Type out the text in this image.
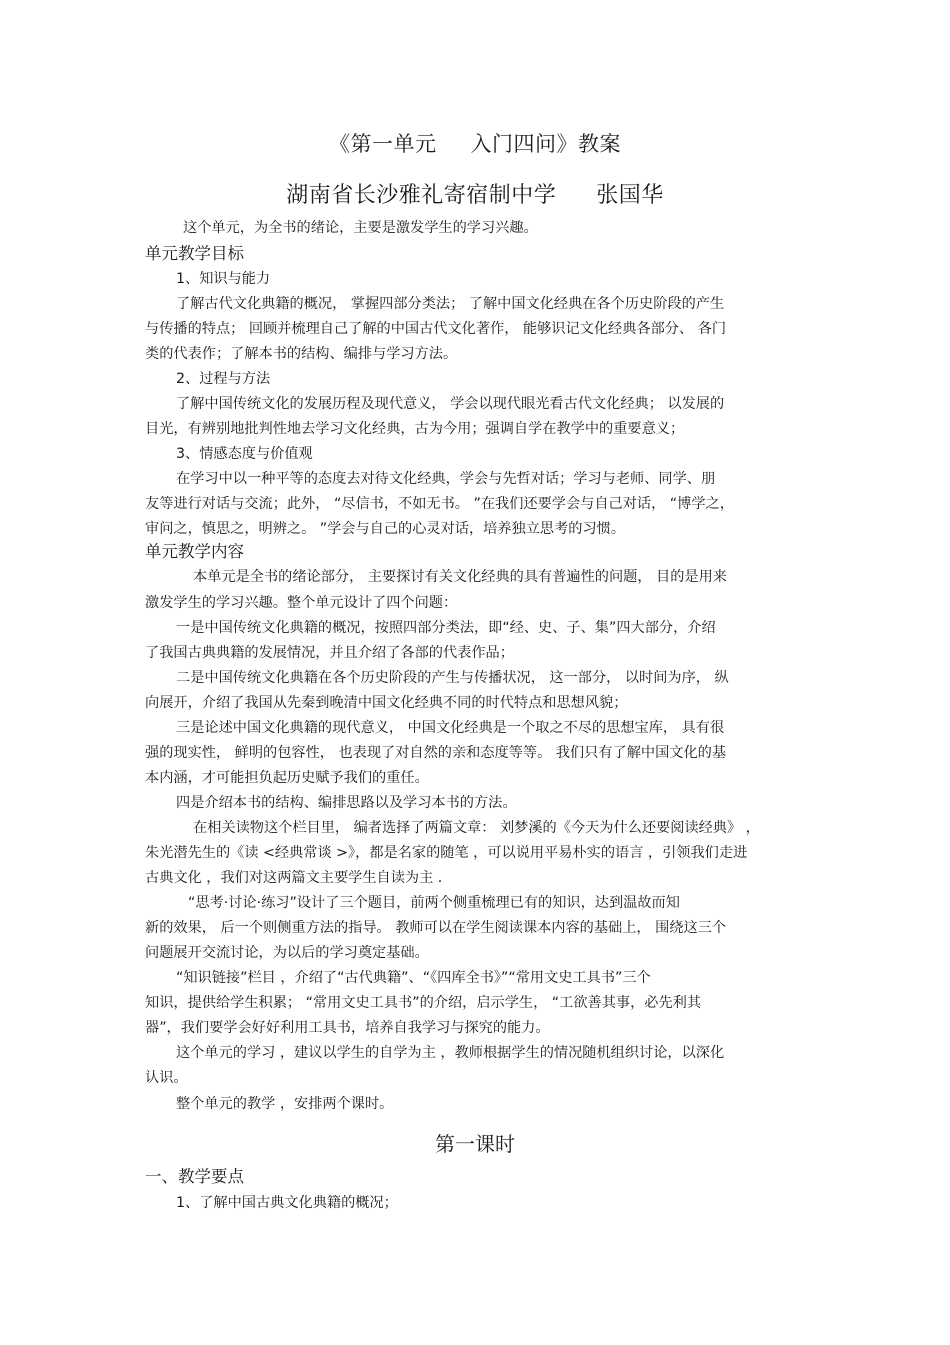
《第一单元 入门四问》教案
湖南省长沙雅礼寄宿制中学 张国华
这个单元，为全书的绪论，主要是激发学生的学习兴趣。
单元教学目标
1、知识与能力
了解古代文化典籍的概况， 掌握四部分类法； 了解中国文化经典在各个历史阶段的产生
与传播的特点； 回顾并梳理自己了解的中国古代文化著作， 能够识记文化经典各部分、 各门
类的代表作；了解本书的结构、编排与学习方法。
2、过程与方法
了解中国传统文化的发展历程及现代意义， 学会以现代眼光看古代文化经典； 以发展的
目光，有辨别地批判性地去学习文化经典，古为今用；强调自学在教学中的重要意义；
3、情感态度与价值观
在学习中以一种平等的态度去对待文化经典，学会与先哲对话；学习与老师、同学、朋
友等进行对话与交流；此外， “尽信书，不如无书。 ”在我们还要学会与自己对话， “博学之，
审问之，慎思之，明辨之。 ”学会与自己的心灵对话，培养独立思考的习惯。
单元教学内容
本单元是全书的绪论部分， 主要探讨有关文化经典的具有普遍性的问题， 目的是用来
激发学生的学习兴趣。整个单元设计了四个问题：
一是中国传统文化典籍的概况，按照四部分类法，即“经、史、子、集”四大部分，介绍
了我国古典典籍的发展情况，并且介绍了各部的代表作品；
二是中国传统文化典籍在各个历史阶段的产生与传播状况， 这一部分， 以时间为序， 纵
向展开，介绍了我国从先秦到晚清中国文化经典不同的时代特点和思想风貌；
三是论述中国文化典籍的现代意义， 中国文化经典是一个取之不尽的思想宝库， 具有很
强的现实性， 鲜明的包容性， 也表现了对自然的亲和态度等等。 我们只有了解中国文化的基
本内涵，才可能担负起历史赋予我们的重任。
四是介绍本书的结构、编排思路以及学习本书的方法。
在相关读物这个栏目里， 编者选择了两篇文章： 刘梦溪的《今天为什么还要阅读经典》 ，
朱光潜先生的《读 <经典常谈 >》，都是名家的随笔 ，可以说用平易朴实的语言 ，引领我们走进
古典文化 ，我们对这两篇文主要学生自读为主 .
“思考·讨论·练习”设计了三个题目，前两个侧重梳理已有的知识，达到温故而知
新的效果， 后一个则侧重方法的指导。 教师可以在学生阅读课本内容的基础上， 围绕这三个
问题展开交流讨论，为以后的学习奠定基础。
“知识链接”栏目 ，介绍了“古代典籍”、“《四库全书》”“常用文史工具书”三个
知识，提供给学生积累； “常用文史工具书”的介绍，启示学生， “工欲善其事，必先利其
器”，我们要学会好好利用工具书，培养自我学习与探究的能力。
这个单元的学习 ，建议以学生的自学为主 ，教师根据学生的情况随机组织讨论，以深化
认识。
整个单元的教学 ，安排两个课时。
第一课时
一、教学要点
1、了解中国古典文化典籍的概况；
